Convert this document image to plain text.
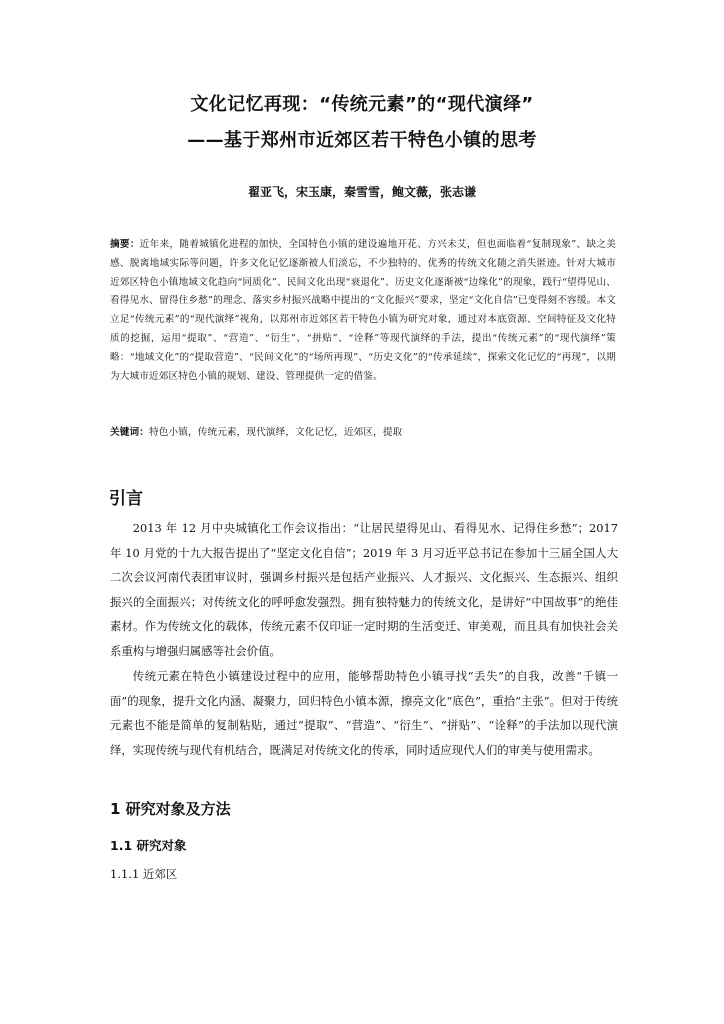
文化记忆再现：“传统元素”的“现代演绎”
——基于郑州市近郊区若干特色小镇的思考
翟亚飞，宋玉康，秦雪雪，鲍文薇，张志谦
摘要：近年来，随着城镇化进程的加快，全国特色小镇的建设遍地开花、方兴未艾，但也面临着“复制现象”、缺之美感、脱离地域实际等问题，许多文化记忆逐渐被人们淡忘，不少独特的、优秀的传统文化随之消失匿迹。针对大城市近郊区特色小镇地域文化趋向“同质化”、民间文化出现“衰退化”、历史文化逐渐被“边缘化”的现象，践行“望得见山、看得见水、留得住乡愁”的理念、落实乡村振兴战略中提出的“文化振兴”要求，坚定“文化自信”已变得刻不容缓。本文立足“传统元素”的“现代演绎”视角，以郑州市近郊区若干特色小镇为研究对象，通过对本底资源、空间特征及文化特质的挖掘，运用“提取”、“营造”、“衍生”、“拼贴”、“诠释”等现代演绎的手法，提出“传统元素”的“现代演绎”策略：“地域文化”的“提取营造”、“民间文化”的“场所再现”、“历史文化”的“传承延续”，探索文化记忆的“再现”，以期为大城市近郊区特色小镇的规划、建设、管理提供一定的借鉴。
关键词：特色小镇，传统元素，现代演绎，文化记忆，近郊区，提取
引言

2013 年 12 月中央城镇化工作会议指出：“让居民望得见山、看得见水、记得住乡愁”；2017 年 10 月党的十九大报告提出了“坚定文化自信”；2019 年 3 月习近平总书记在参加十三届全国人大二次会议河南代表团审议时，强调乡村振兴是包括产业振兴、人才振兴、文化振兴、生态振兴、组织振兴的全面振兴；对传统文化的呼呼愈发强烈。拥有独特魅力的传统文化，是讲好“中国故事”的绝佳素材。作为传统文化的载体，传统元素不仅印证一定时期的生活变迁、审美观，而且具有加快社会关系重构与增强归属感等社会价值。

传统元素在特色小镇建设过程中的应用，能够帮助特色小镇寻找“丢失”的自我，改善“千镇一面”的现象，提升文化内涵、凝聚力，回归特色小镇本源，擦亮文化“底色”，重拾“主张”。但对于传统元素也不能是简单的复制粘贴，通过“提取”、“营造”、“衍生”、“拼贴”、“诠释”的手法加以现代演绎，实现传统与现代有机结合，既满足对传统文化的传承，同时适应现代人们的审美与使用需求。

1 研究对象及方法
1.1 研究对象
1.1.1 近郊区
